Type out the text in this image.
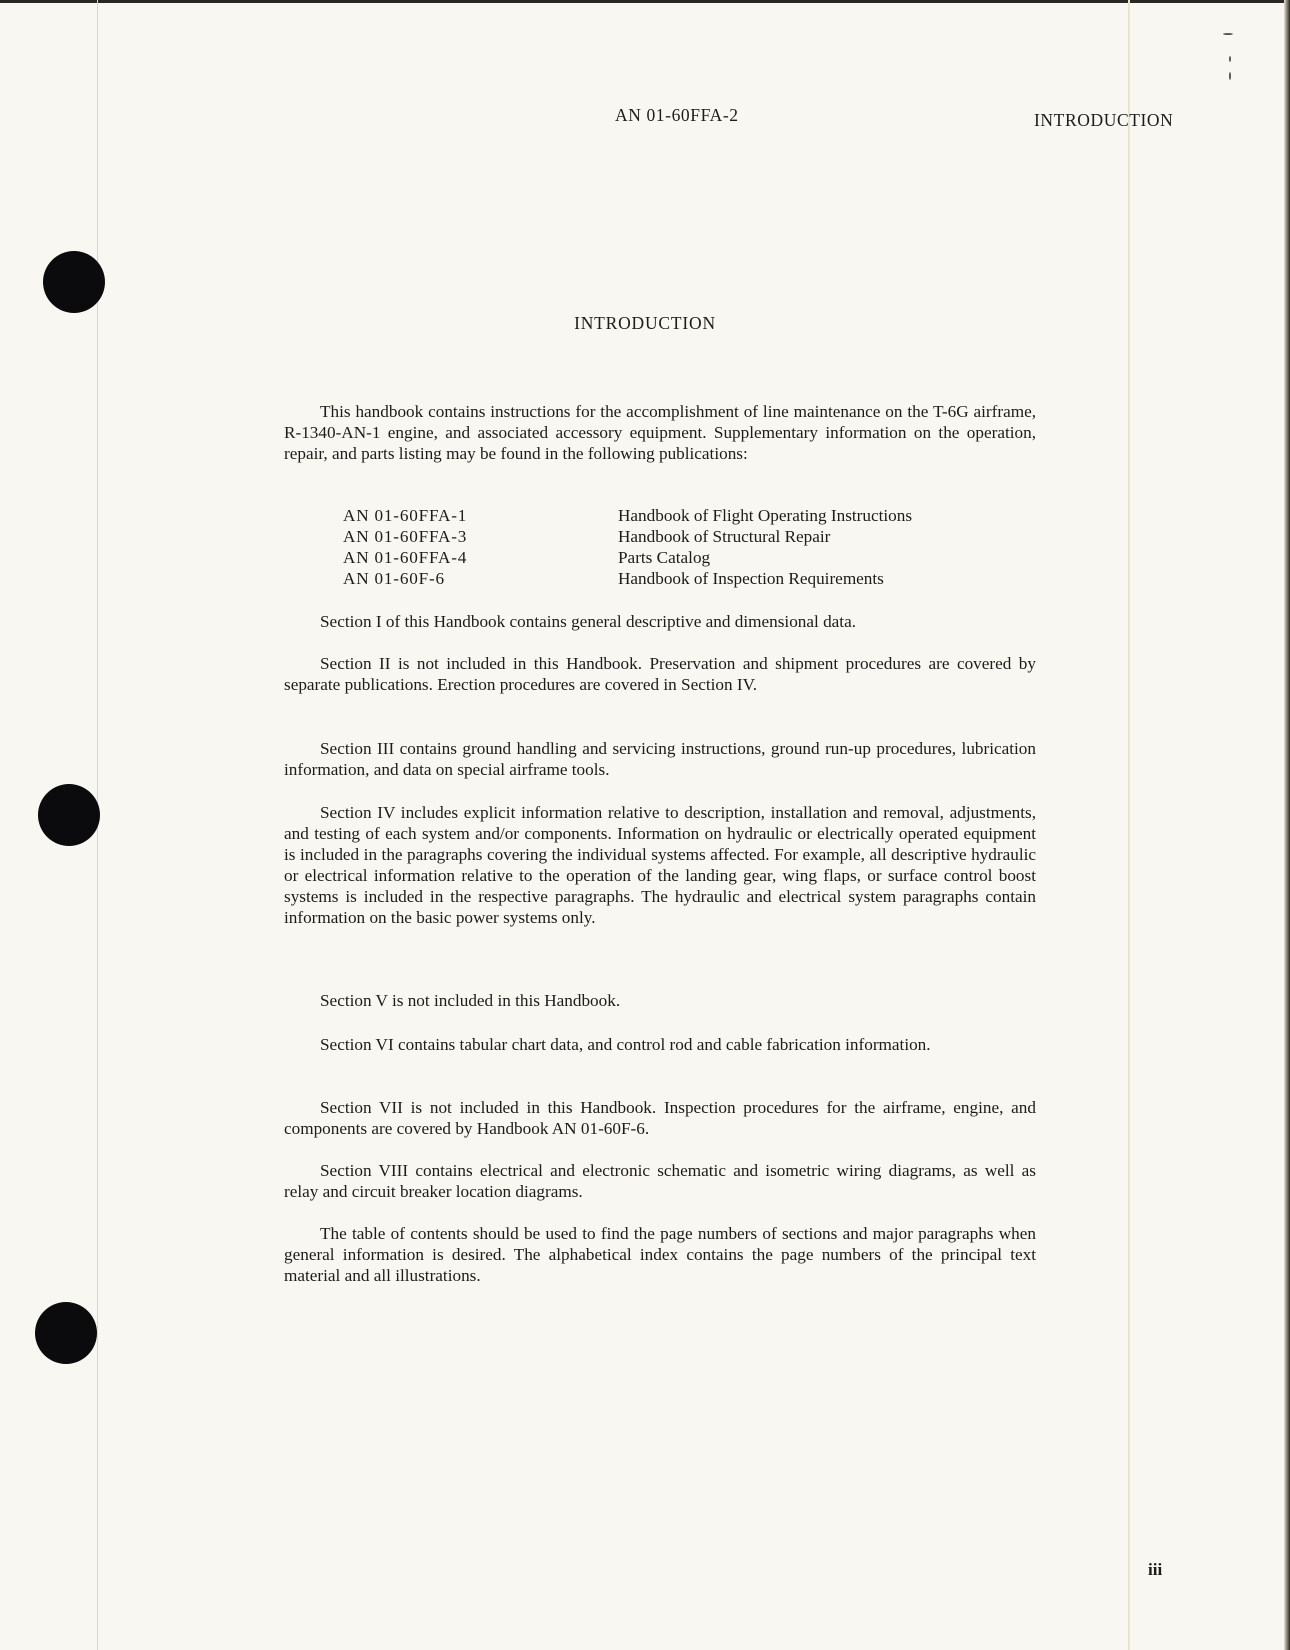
AN 01-60FFA-2	INTRODUCTION
INTRODUCTION
This handbook contains instructions for the accomplishment of line maintenance on the T-6G airframe, R-1340-AN-1 engine, and associated accessory equipment. Supplementary information on the operation, repair, and parts listing may be found in the following publications:
AN 01-60FFA-1	Handbook of Flight Operating Instructions
AN 01-60FFA-3	Handbook of Structural Repair
AN 01-60FFA-4	Parts Catalog
AN 01-60F-6	Handbook of Inspection Requirements
Section I of this Handbook contains general descriptive and dimensional data.
Section II is not included in this Handbook. Preservation and shipment procedures are covered by separate publications. Erection procedures are covered in Section IV.
Section III contains ground handling and servicing instructions, ground run-up procedures, lubrication information, and data on special airframe tools.
Section IV includes explicit information relative to description, installation and removal, adjustments, and testing of each system and/or components. Information on hydraulic or electrically operated equipment is included in the paragraphs covering the individual systems affected. For example, all descriptive hydraulic or electrical information relative to the operation of the landing gear, wing flaps, or surface control boost systems is included in the respective paragraphs. The hydraulic and electrical system paragraphs contain information on the basic power systems only.
Section V is not included in this Handbook.
Section VI contains tabular chart data, and control rod and cable fabrication information.
Section VII is not included in this Handbook. Inspection procedures for the airframe, engine, and components are covered by Handbook AN 01-60F-6.
Section VIII contains electrical and electronic schematic and isometric wiring diagrams, as well as relay and circuit breaker location diagrams.
The table of contents should be used to find the page numbers of sections and major paragraphs when general information is desired. The alphabetical index contains the page numbers of the principal text material and all illustrations.
iii
